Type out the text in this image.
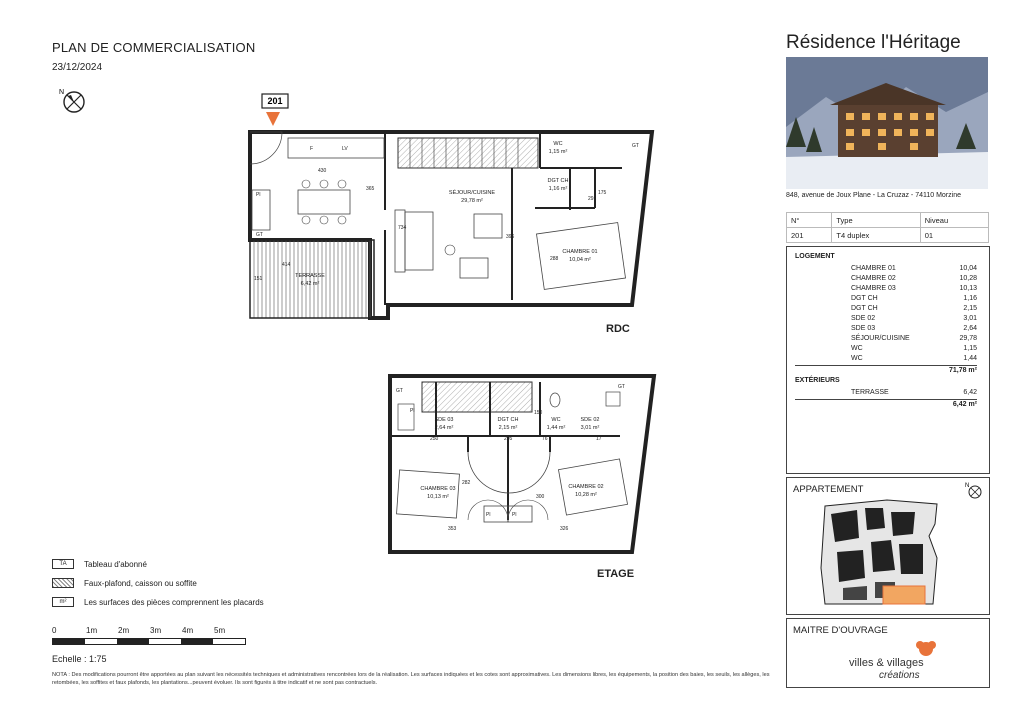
PLAN DE COMMERCIALISATION
23/12/2024
N
201
SÉJOUR/CUISINE
29,78 m²
CHAMBRE 01
10,04 m²
DGT CH
1,16 m²
WC
1,15 m²
TERRASSE
6,42 m²
F	LV	GT
Pl
GT
430
365
734
396
288
291
175
414
151
SDE 03
2,64 m²
DGT CH
2,15 m²
WC
1,44 m²
SDE 02
3,01 m²
CHAMBRE 03
10,13 m²
CHAMBRE 02
10,28 m²
GT
GT
Pl
Pl	Pl
250	205	76	17
150
282
300
353	326
RDC
ETAGE
TA	Tableau d'abonné
Faux-plafond, caisson ou soffite
m²	Les surfaces des pièces comprennent les placards
0	1m	2m	3m	4m	5m
Echelle : 1:75
NOTA : Des modifications pourront être apportées au plan suivant les nécessités techniques et administratives rencontrées lors de la réalisation. Les surfaces indiquées et les cotes sont approximatives. Les dimensions libres, les équipements, la position des baies, les seuils, les allèges, les retombées, les soffites et faux plafonds, les plantations...peuvent évoluer. Ils sont figurés à titre indicatif et ne sont pas contractuels.
Résidence l'Héritage
848, avenue de Joux Plane - La Cruzaz - 74110 Morzine
N°	Type	Niveau
201	T4 duplex	01
LOGEMENT
CHAMBRE 01	10,04
CHAMBRE 02	10,28
CHAMBRE 03	10,13
DGT CH	1,16
DGT CH	2,15
SDE 02	3,01
SDE 03	2,64
SÉJOUR/CUISINE	29,78
WC	1,15
WC	1,44
71,78 m²
EXTÉRIEURS
TERRASSE	6,42
6,42 m²
APPARTEMENT	N
MAITRE D'OUVRAGE
villes & villages
créations
